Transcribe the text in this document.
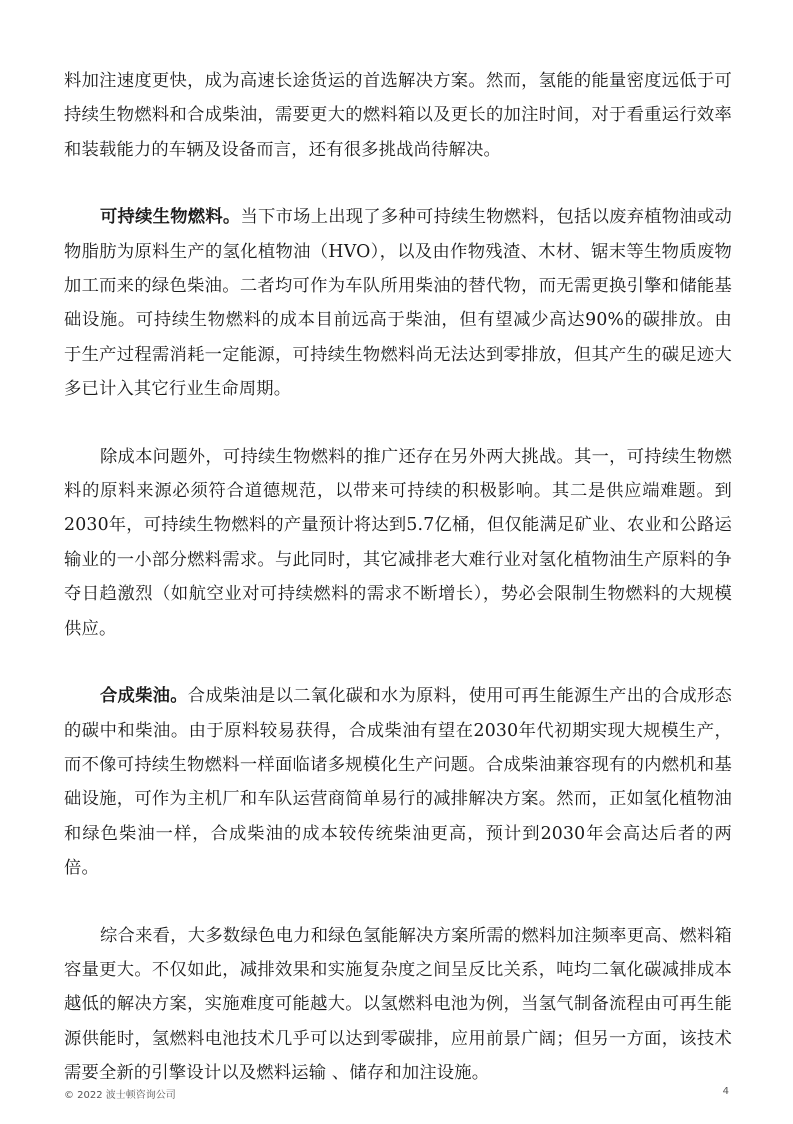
料加注速度更快，成为高速长途货运的首选解决方案。然而，氢能的能量密度远低于可持续生物燃料和合成柴油，需要更大的燃料箱以及更长的加注时间，对于看重运行效率和装载能力的车辆及设备而言，还有很多挑战尚待解决。

可持续生物燃料。当下市场上出现了多种可持续生物燃料，包括以废弃植物油或动物脂肪为原料生产的氢化植物油（HVO），以及由作物残渣、木材、锯末等生物质废物加工而来的绿色柴油。二者均可作为车队所用柴油的替代物，而无需更换引擎和储能基础设施。可持续生物燃料的成本目前远高于柴油，但有望减少高达90%的碳排放。由于生产过程需消耗一定能源，可持续生物燃料尚无法达到零排放，但其产生的碳足迹大多已计入其它行业生命周期。

除成本问题外，可持续生物燃料的推广还存在另外两大挑战。其一，可持续生物燃料的原料来源必须符合道德规范，以带来可持续的积极影响。其二是供应端难题。到2030年，可持续生物燃料的产量预计将达到5.7亿桶，但仅能满足矿业、农业和公路运输业的一小部分燃料需求。与此同时，其它减排老大难行业对氢化植物油生产原料的争夺日趋激烈（如航空业对可持续燃料的需求不断增长），势必会限制生物燃料的大规模供应。

合成柴油。合成柴油是以二氧化碳和水为原料，使用可再生能源生产出的合成形态的碳中和柴油。由于原料较易获得，合成柴油有望在2030年代初期实现大规模生产，而不像可持续生物燃料一样面临诸多规模化生产问题。合成柴油兼容现有的内燃机和基础设施，可作为主机厂和车队运营商简单易行的减排解决方案。然而，正如氢化植物油和绿色柴油一样，合成柴油的成本较传统柴油更高，预计到2030年会高达后者的两倍。

综合来看，大多数绿色电力和绿色氢能解决方案所需的燃料加注频率更高、燃料箱容量更大。不仅如此，减排效果和实施复杂度之间呈反比关系，吨均二氧化碳减排成本越低的解决方案，实施难度可能越大。以氢燃料电池为例，当氢气制备流程由可再生能源供能时，氢燃料电池技术几乎可以达到零碳排，应用前景广阔；但另一方面，该技术需要全新的引擎设计以及燃料运输 、储存和加注设施。

© 2022 波士顿咨询公司	4
